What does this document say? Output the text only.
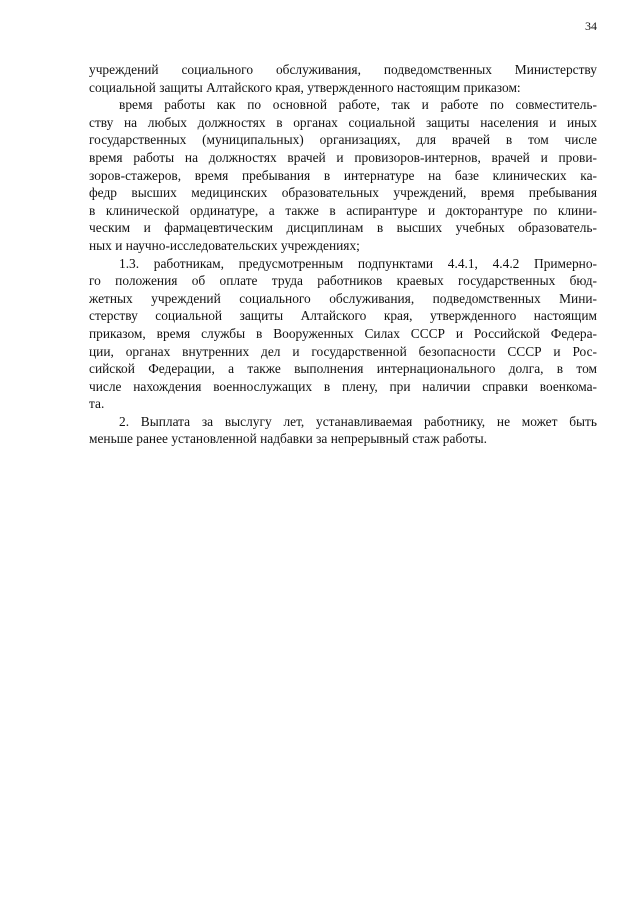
34
учреждений социального обслуживания, подведомственных Министерству
социальной защиты Алтайского края, утвержденного настоящим приказом:
время работы как по основной работе, так и работе по совместитель-
ству на любых должностях в органах социальной защиты населения и иных
государственных (муниципальных) организациях, для врачей в том числе
время работы на должностях врачей и провизоров-интернов, врачей и прови-
зоров-стажеров, время пребывания в интернатуре на базе клинических ка-
федр высших медицинских образовательных учреждений, время пребывания
в клинической ординатуре, а также в аспирантуре и докторантуре по клини-
ческим и фармацевтическим дисциплинам в высших учебных образователь-
ных и научно-исследовательских учреждениях;
1.3. работникам, предусмотренным подпунктами 4.4.1, 4.4.2 Примерно-
го положения об оплате труда работников краевых государственных бюд-
жетных учреждений социального обслуживания, подведомственных Мини-
стерству социальной защиты Алтайского края, утвержденного настоящим
приказом, время службы в Вооруженных Силах СССР и Российской Федера-
ции, органах внутренних дел и государственной безопасности СССР и Рос-
сийской Федерации, а также выполнения интернационального долга, в том
числе нахождения военнослужащих в плену, при наличии справки военкома-
та.
2. Выплата за выслугу лет, устанавливаемая работнику, не может быть
меньше ранее установленной надбавки за непрерывный стаж работы.
